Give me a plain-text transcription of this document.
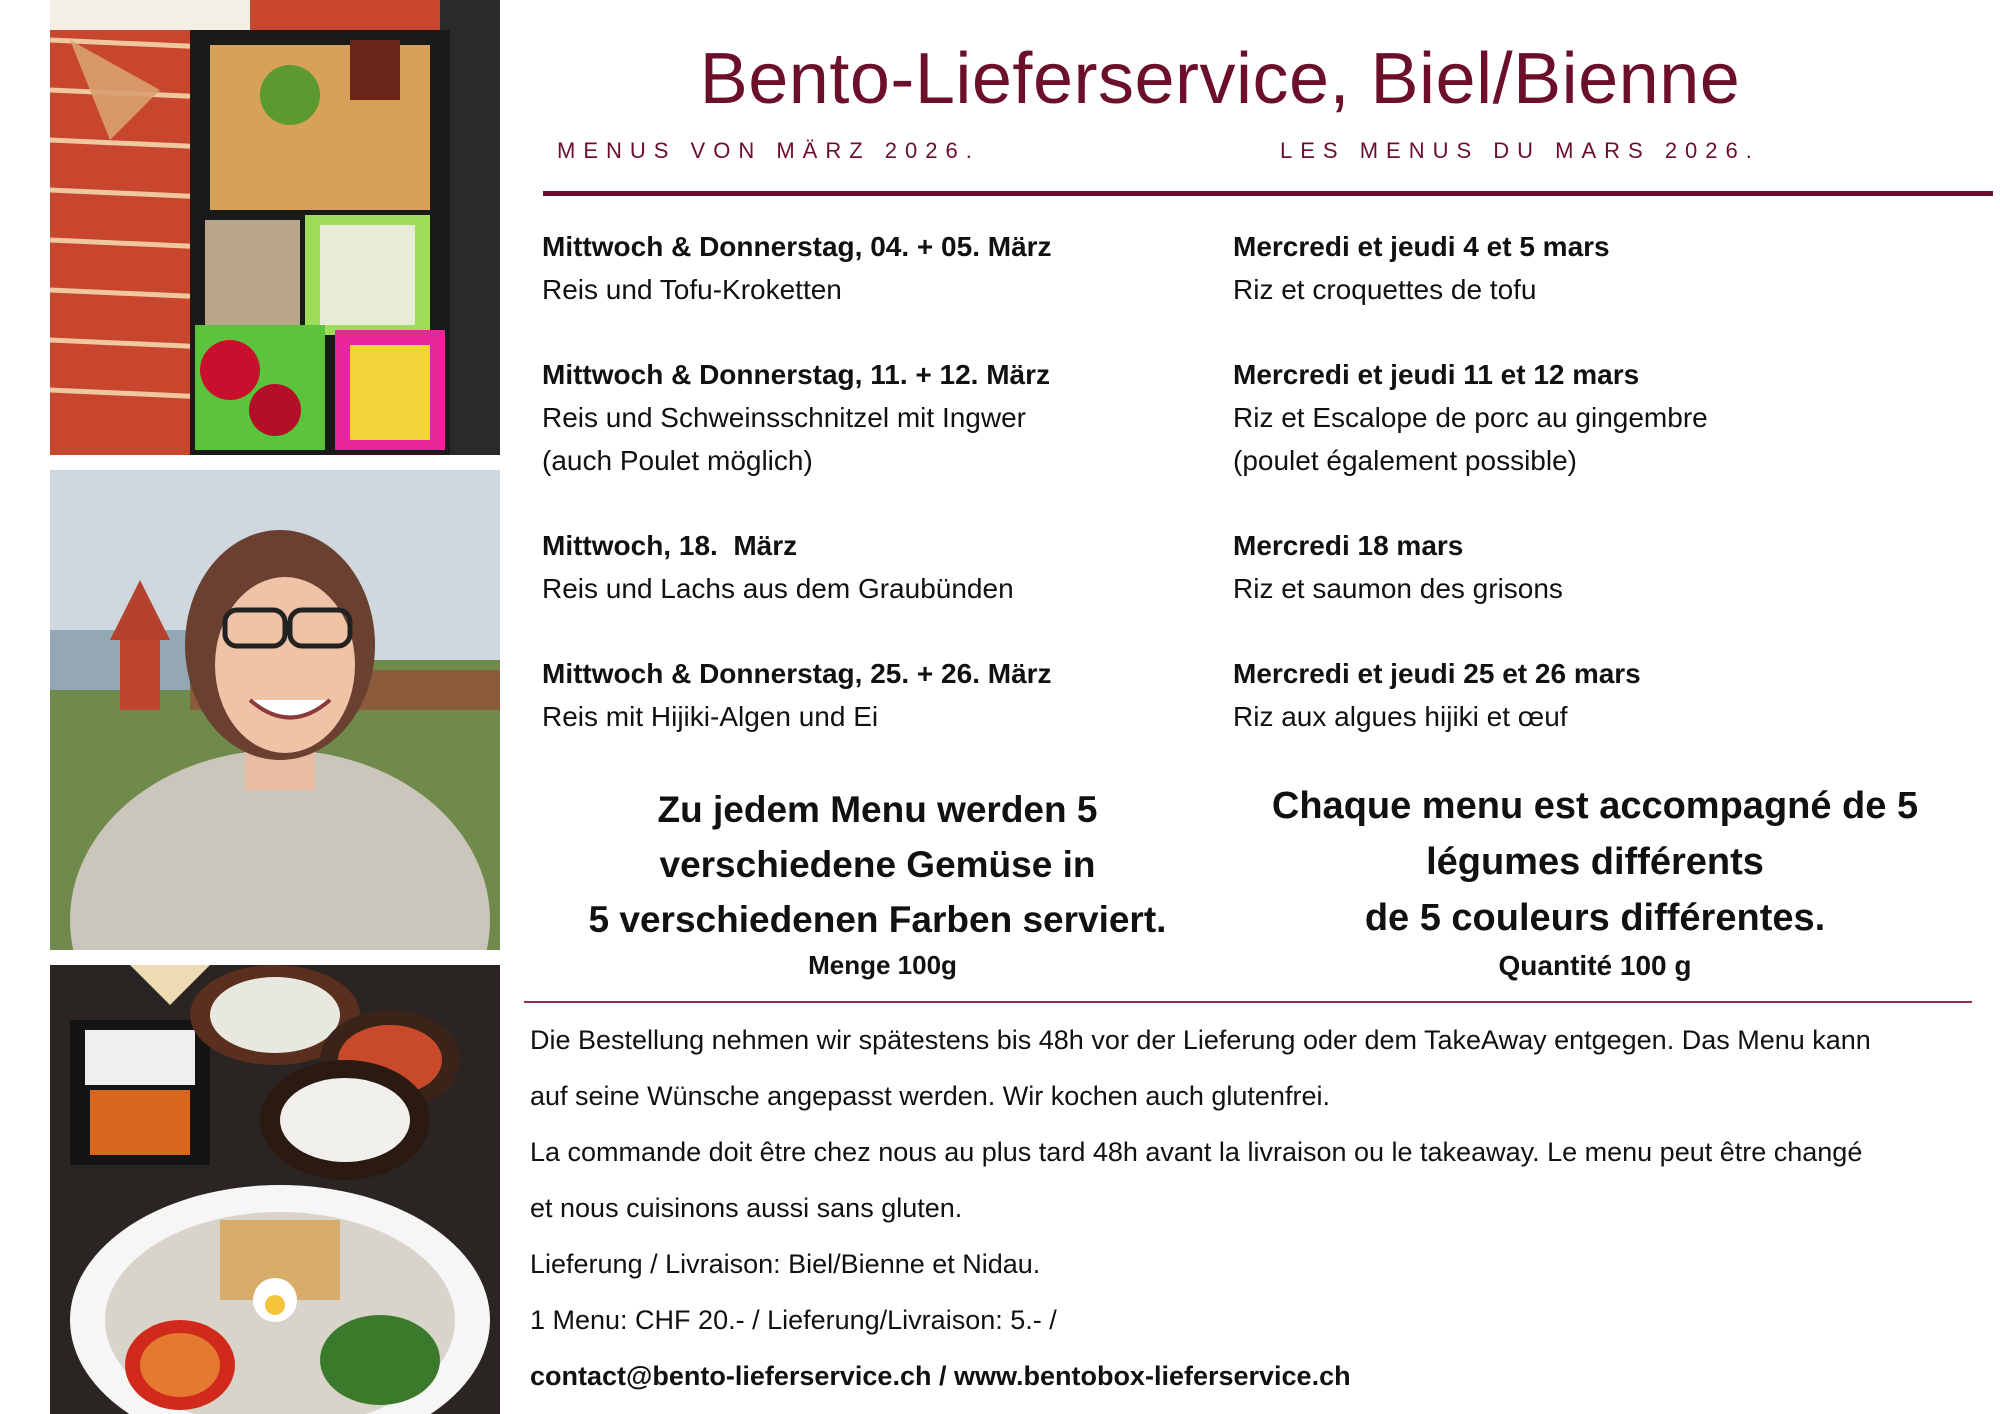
Bento-Lieferservice, Biel/Bienne
MENUS VON MÄRZ 2026.	LES MENUS DU MARS 2026.
Mittwoch & Donnerstag, 04. + 05. März
Reis und Tofu-Kroketten
Mittwoch & Donnerstag, 11. + 12. März
Reis und Schweinsschnitzel mit Ingwer
(auch Poulet möglich)
Mittwoch, 18.  März
Reis und Lachs aus dem Graubünden
Mittwoch & Donnerstag, 25. + 26. März
Reis mit Hijiki-Algen und Ei
Mercredi et jeudi 4 et 5 mars
Riz et croquettes de tofu
Mercredi et jeudi 11 et 12 mars
Riz et Escalope de porc au gingembre
(poulet également possible)
Mercredi 18 mars
Riz et saumon des grisons
Mercredi et jeudi 25 et 26 mars
Riz aux algues hijiki et œuf
Zu jedem Menu werden 5
verschiedene Gemüse in
5 verschiedenen Farben serviert.
Menge 100g
Chaque menu est accompagné de 5
légumes différents
de 5 couleurs différentes.
Quantité 100 g
Die Bestellung nehmen wir spätestens bis 48h vor der Lieferung oder dem TakeAway entgegen. Das Menu kann
auf seine Wünsche angepasst werden. Wir kochen auch glutenfrei.
La commande doit être chez nous au plus tard 48h avant la livraison ou le takeaway. Le menu peut être changé
et nous cuisinons aussi sans gluten.
Lieferung / Livraison: Biel/Bienne et Nidau.
1 Menu: CHF 20.- / Lieferung/Livraison: 5.- /
contact@bento-lieferservice.ch / www.bentobox-lieferservice.ch
